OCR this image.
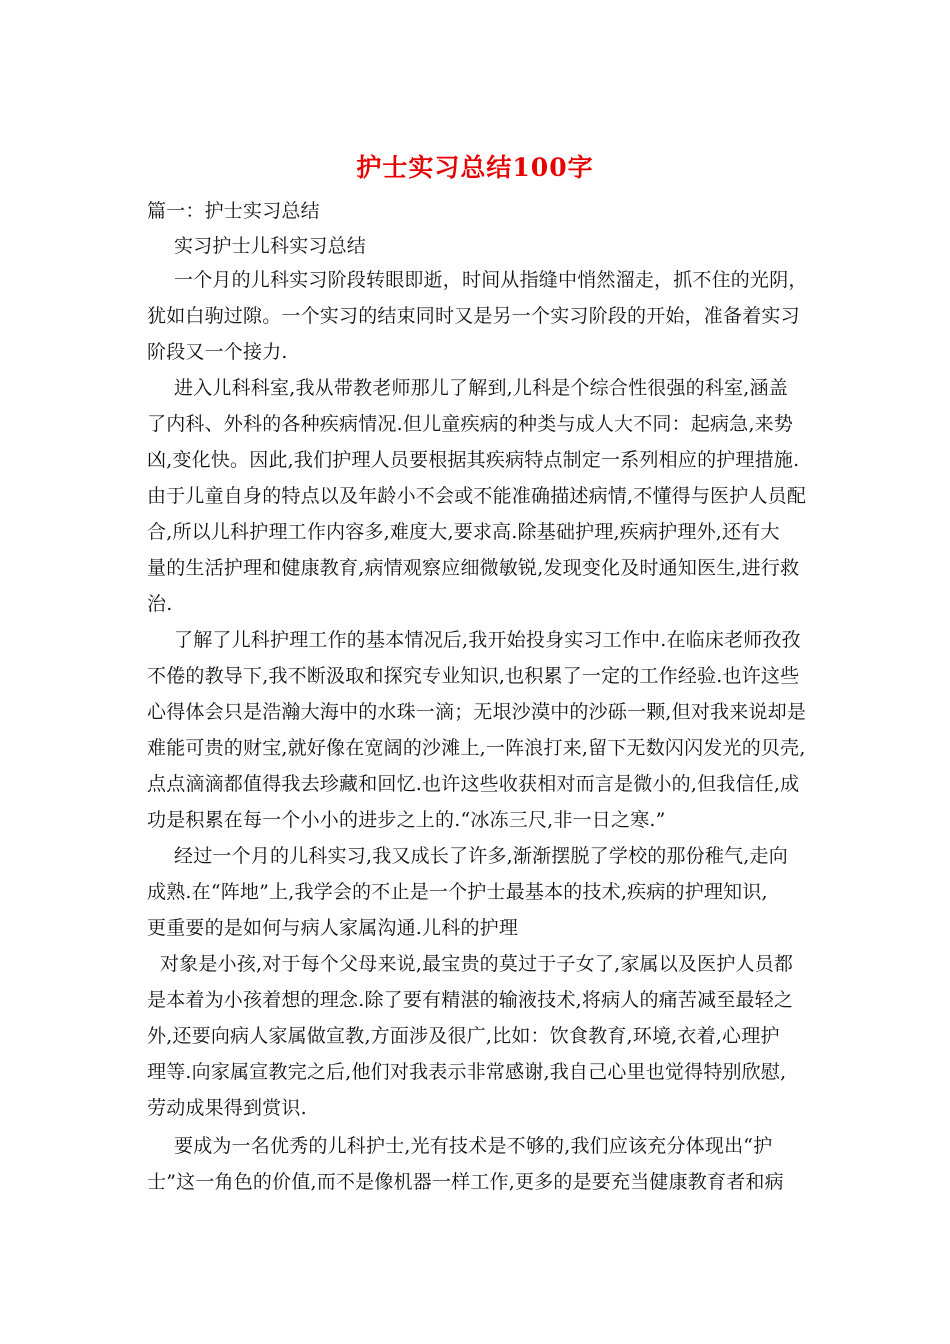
护士实习总结100字
篇一：护士实习总结
实习护士儿科实习总结
一个月的儿科实习阶段转眼即逝，时间从指缝中悄然溜走，抓不住的光阴，
犹如白驹过隙。一个实习的结束同时又是另一个实习阶段的开始，准备着实习
阶段又一个接力.
进入儿科科室,我从带教老师那儿了解到,儿科是个综合性很强的科室,涵盖
了内科、外科的各种疾病情况.但儿童疾病的种类与成人大不同：起病急,来势
凶,变化快。因此,我们护理人员要根据其疾病特点制定一系列相应的护理措施.
由于儿童自身的特点以及年龄小不会或不能准确描述病情,不懂得与医护人员配
合,所以儿科护理工作内容多,难度大,要求高.除基础护理,疾病护理外,还有大
量的生活护理和健康教育,病情观察应细微敏锐,发现变化及时通知医生,进行救
治.
了解了儿科护理工作的基本情况后,我开始投身实习工作中.在临床老师孜孜
不倦的教导下,我不断汲取和探究专业知识,也积累了一定的工作经验.也许这些
心得体会只是浩瀚大海中的水珠一滴；无垠沙漠中的沙砾一颗,但对我来说却是
难能可贵的财宝,就好像在宽阔的沙滩上,一阵浪打来,留下无数闪闪发光的贝壳,
点点滴滴都值得我去珍藏和回忆.也许这些收获相对而言是微小的,但我信任,成
功是积累在每一个小小的进步之上的.“冰冻三尺,非一日之寒.”
经过一个月的儿科实习,我又成长了许多,渐渐摆脱了学校的那份稚气,走向
成熟.在“阵地”上,我学会的不止是一个护士最基本的技术,疾病的护理知识,
更重要的是如何与病人家属沟通.儿科的护理
对象是小孩,对于每个父母来说,最宝贵的莫过于子女了,家属以及医护人员都
是本着为小孩着想的理念.除了要有精湛的输液技术,将病人的痛苦减至最轻之
外,还要向病人家属做宣教,方面涉及很广,比如：饮食教育,环境,衣着,心理护
理等.向家属宣教完之后,他们对我表示非常感谢,我自己心里也觉得特别欣慰,
劳动成果得到赏识.
要成为一名优秀的儿科护士,光有技术是不够的,我们应该充分体现出“护
士”这一角色的价值,而不是像机器一样工作,更多的是要充当健康教育者和病
